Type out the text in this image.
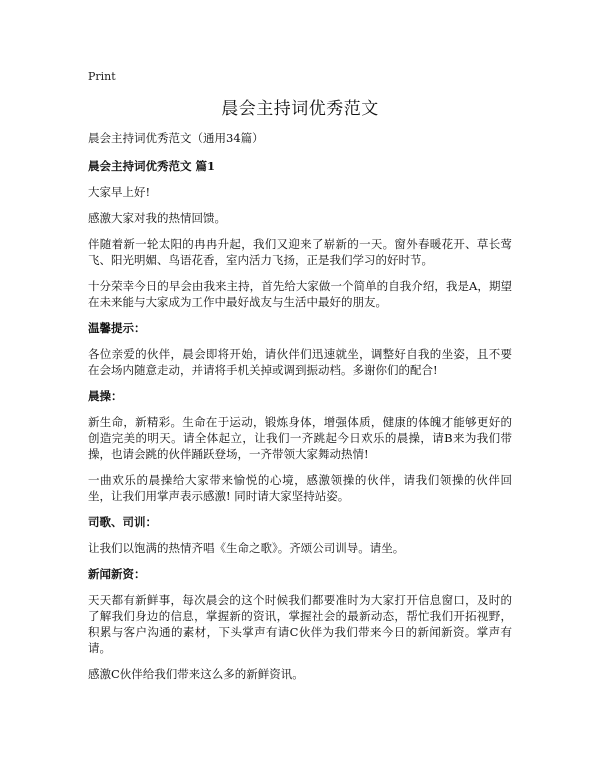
Print
晨会主持词优秀范文
晨会主持词优秀范文（通用34篇）
晨会主持词优秀范文 篇1

大家早上好!

感激大家对我的热情回馈。

伴随着新一轮太阳的冉冉升起，我们又迎来了崭新的一天。窗外春暖花开、草长莺飞、阳光明媚、鸟语花香，室内活力飞扬，正是我们学习的好时节。

十分荣幸今日的早会由我来主持，首先给大家做一个简单的自我介绍，我是A，期望在未来能与大家成为工作中最好战友与生活中最好的朋友。

温馨提示：

各位亲爱的伙伴，晨会即将开始，请伙伴们迅速就坐，调整好自我的坐姿，且不要在会场内随意走动，并请将手机关掉或调到振动档。多谢你们的配合!

晨操：

新生命，新精彩。生命在于运动，锻炼身体，增强体质，健康的体魄才能够更好的创造完美的明天。请全体起立，让我们一齐跳起今日欢乐的晨操，请B来为我们带操，也请会跳的伙伴踊跃登场，一齐带领大家舞动热情!

一曲欢乐的晨操给大家带来愉悦的心境，感激领操的伙伴，请我们领操的伙伴回坐，让我们用掌声表示感激! 同时请大家坚持站姿。

司歌、司训：

让我们以饱满的热情齐唱《生命之歌》。齐颂公司训导。请坐。

新闻新资：

天天都有新鲜事，每次晨会的这个时候我们都要准时为大家打开信息窗口，及时的了解我们身边的信息，掌握新的资讯，掌握社会的最新动态，帮忙我们开拓视野，积累与客户沟通的素材，下头掌声有请C伙伴为我们带来今日的新闻新资。掌声有请。

感激C伙伴给我们带来这么多的新鲜资讯。
